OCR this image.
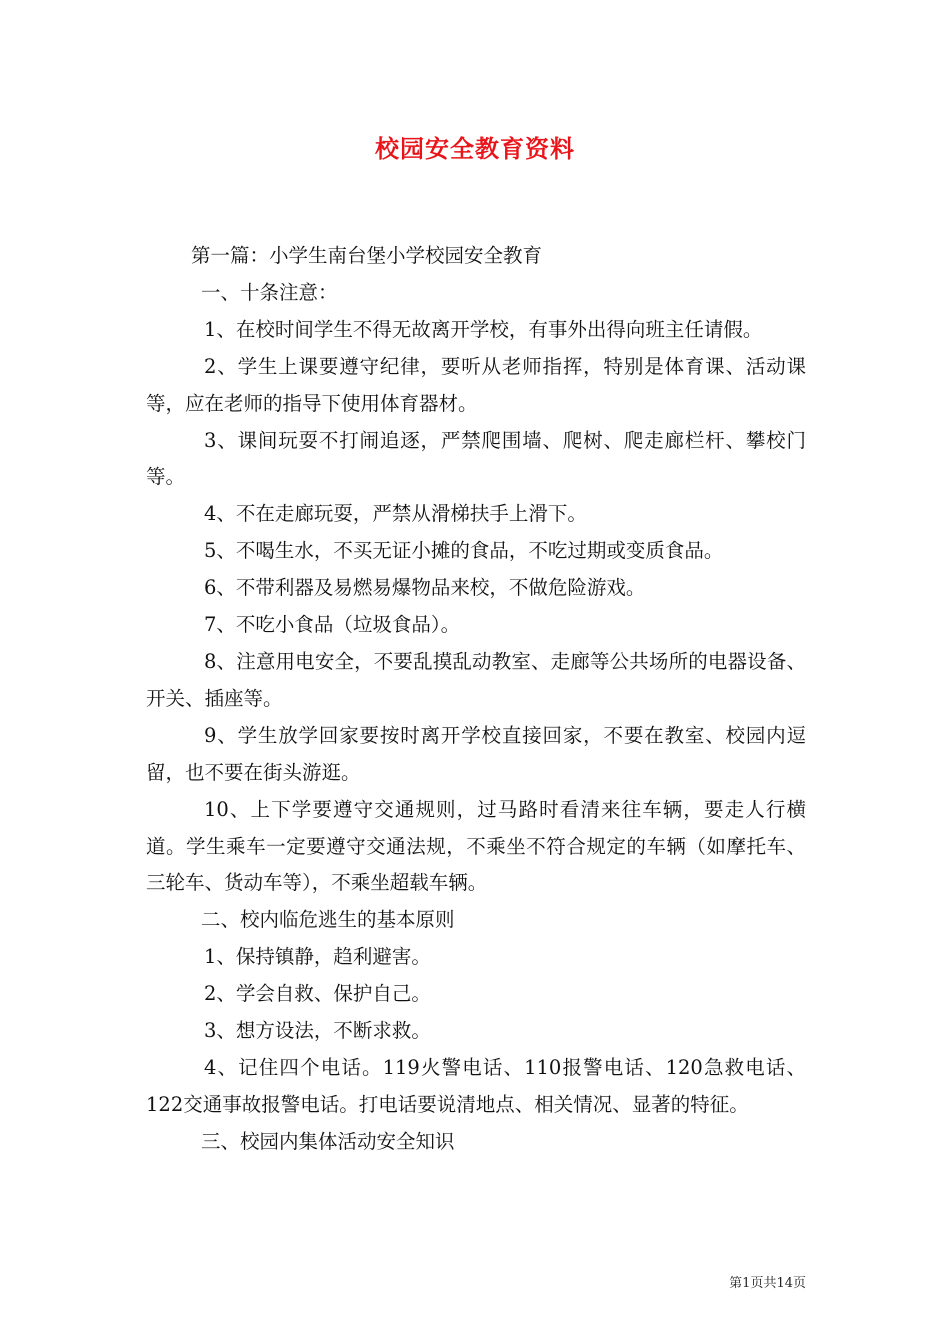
校园安全教育资料

第一篇：小学生南台堡小学校园安全教育

一、十条注意：

1、在校时间学生不得无故离开学校，有事外出得向班主任请假。

2、学生上课要遵守纪律，要听从老师指挥，特别是体育课、活动课等，应在老师的指导下使用体育器材。

3、课间玩耍不打闹追逐，严禁爬围墙、爬树、爬走廊栏杆、攀校门等。

4、不在走廊玩耍，严禁从滑梯扶手上滑下。

5、不喝生水，不买无证小摊的食品，不吃过期或变质食品。

6、不带利器及易燃易爆物品来校，不做危险游戏。

7、不吃小食品（垃圾食品）。

8、注意用电安全，不要乱摸乱动教室、走廊等公共场所的电器设备、开关、插座等。

9、学生放学回家要按时离开学校直接回家，不要在教室、校园内逗留，也不要在街头游逛。

10、上下学要遵守交通规则，过马路时看清来往车辆，要走人行横道。学生乘车一定要遵守交通法规，不乘坐不符合规定的车辆（如摩托车、三轮车、货动车等），不乘坐超载车辆。

二、校内临危逃生的基本原则

1、保持镇静，趋利避害。

2、学会自救、保护自己。

3、想方设法，不断求救。

4、记住四个电话。119火警电话、110报警电话、120急救电话、122交通事故报警电话。打电话要说清地点、相关情况、显著的特征。

三、校园内集体活动安全知识

第1页共14页
